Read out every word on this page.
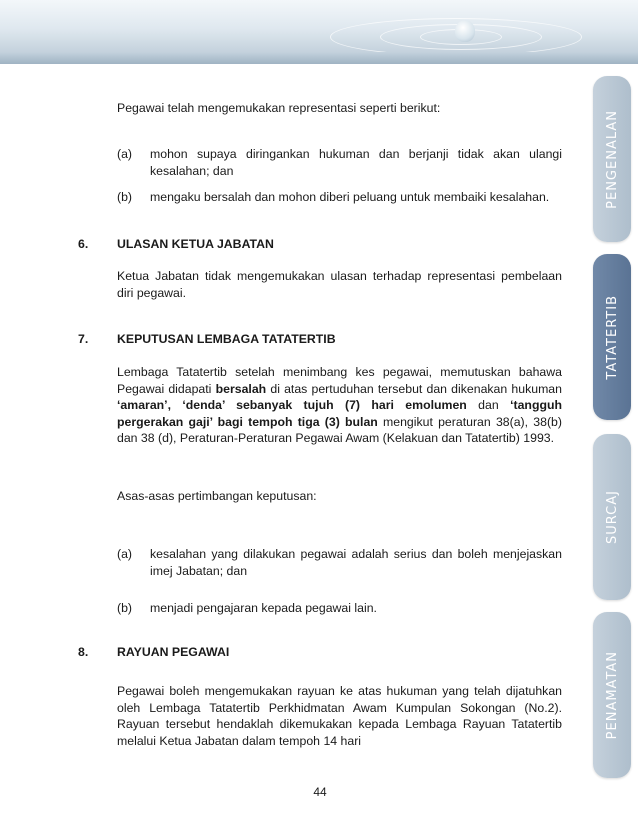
PENGENALAN
TATATERTIB
SURCAJ
PENAMATAN
Pegawai telah mengemukakan representasi seperti berikut:
(a) mohon supaya diringankan hukuman dan berjanji tidak akan ulangi kesalahan; dan
(b) mengaku bersalah dan mohon diberi peluang untuk membaiki kesalahan.
6. ULASAN KETUA JABATAN
Ketua Jabatan tidak mengemukakan ulasan terhadap representasi pembelaan diri pegawai.
7. KEPUTUSAN LEMBAGA TATATERTIB
Lembaga Tatatertib setelah menimbang kes pegawai, memutuskan bahawa Pegawai didapati bersalah di atas pertuduhan tersebut dan dikenakan hukuman ‘amaran’, ‘denda’ sebanyak tujuh (7) hari emolumen dan ‘tangguh pergerakan gaji’ bagi tempoh tiga (3) bulan mengikut peraturan 38(a), 38(b) dan 38 (d), Peraturan-Peraturan Pegawai Awam (Kelakuan dan Tatatertib) 1993.
Asas-asas pertimbangan keputusan:
(a) kesalahan yang dilakukan pegawai adalah serius dan boleh menjejaskan imej Jabatan; dan
(b) menjadi pengajaran kepada pegawai lain.
8. RAYUAN PEGAWAI
Pegawai boleh mengemukakan rayuan ke atas hukuman yang telah dijatuhkan oleh Lembaga Tatatertib Perkhidmatan Awam Kumpulan Sokongan (No.2). Rayuan tersebut hendaklah dikemukakan kepada Lembaga Rayuan Tatatertib melalui Ketua Jabatan dalam tempoh 14 hari
44
